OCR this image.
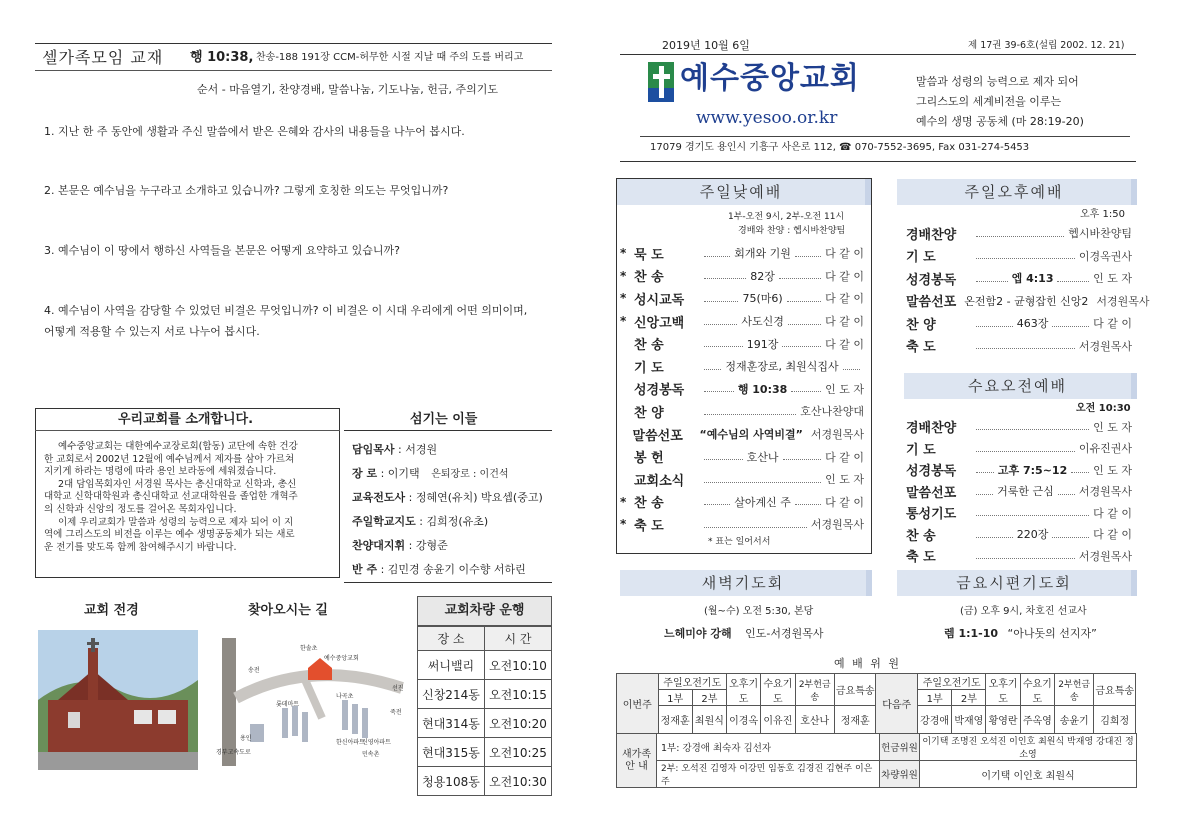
셀가족모임 교재 행 10:38, 찬송-188 191장 CCM-허무한 시절 지날 때 주의 도를 버리고
순서 - 마음열기, 찬양경배, 말씀나눔, 기도나눔, 헌금, 주의기도
1. 지난 한 주 동안에 생활과 주신 말씀에서 받은 은혜와 감사의 내용들을 나누어 봅시다.
2. 본문은 예수님을 누구라고 소개하고 있습니까? 그렇게 호칭한 의도는 무엇입니까?
3. 예수님이 이 땅에서 행하신 사역들을 본문은 어떻게 요약하고 있습니까?
4. 예수님이 사역을 감당할 수 있었던 비결은 무엇입니까? 이 비결은 이 시대 우리에게 어떤 의미이며,
어떻게 적용할 수 있는지 서로 나누어 봅시다.
우리교회를 소개합니다.
예수중앙교회는 대한예수교장로회(합동) 교단에 속한 건강
한 교회로서 2002년 12월에 예수님께서 제자를 삼아 가르쳐
지키게 하라는 명령에 따라 용인 보라동에 세워졌습니다.
2대 담임목회자인 서경원 목사는 총신대학교 신학과, 총신
대학교 신학대학원과 총신대학교 선교대학원을 졸업한 개혁주
의 신학과 신앙의 정도를 걸어온 목회자입니다.
이제 우리교회가 말씀과 성령의 능력으로 제자 되어 이 지
역에 그리스도의 비전을 이루는 예수 생명공동체가 되는 새로
운 전기를 맞도록 함께 참여해주시기 바랍니다.
섬기는 이들
담임목사 : 서경원
장 로 : 이기택 은퇴장로 : 이건석
교육전도사 : 정혜연(유치) 박요셉(중고)
주일학교지도 : 김희정(유초)
찬양대지휘 : 강형준
반 주 : 김민경 송윤기 이수향 서하린
교회 전경	찾아오시는 길
한솔초
예수중앙교회
송전
선진
죽전
용인
롯데마트
나곡초
한신아파트
신영아파트
민속촌
경부고속도로
교회차량 운행
장 소	시 간
써니밸리	오전10:10
신창214동	오전10:15
현대314동	오전10:20
현대315동	오전10:25
청용108동	오전10:30
2019년 10월 6일	제 17권 39-6호(설립 2002. 12. 21)
예수중앙교회
www.yesoo.or.kr
말씀과 성령의 능력으로 제자 되어
그리스도의 세계비전을 이루는
예수의 생명 공동체 (마 28:19-20)
17079 경기도 용인시 기흥구 사은로 112, ☎ 070-7552-3695, Fax 031-274-5453
주일낮예배
1부-오전 9시, 2부-오전 11시
경배와 찬양 : 헵시바찬양팀
* 묵 도	회개와 기원	다 같 이
* 찬 송	82장	다 같 이
* 성시교독	75(마6)	다 같 이
* 신앙고백	사도신경	다 같 이
찬 송	191장	다 같 이
기 도	정재훈장로, 최원식집사
성경봉독	행 10:38	인 도 자
찬 양	호산나찬양대
말씀선포	“예수님의 사역비결” 서경원목사
봉 헌	호산나	다 같 이
교회소식	인 도 자
* 찬 송	살아계신 주	다 같 이
* 축 도	서경원목사
* 표는 일어서서
주일오후예배
오후 1:50
경배찬양	헵시바찬양팀
기 도	이경옥권사
성경봉독	엡 4:13	인 도 자
말씀선포 온전함2 - 균형잡힌 신앙2 서경원목사
찬 양	463장	다 같 이
축 도	서경원목사
수요오전예배
오전 10:30
경배찬양	인 도 자
기 도	이유진권사
성경봉독	고후 7:5~12 인 도 자
말씀선포	거룩한 근심 서경원목사
통성기도	다 같 이
찬 송	220장	다 같 이
축 도	서경원목사
새벽기도회
(월~수) 오전 5:30, 본당
느헤미야 강해 인도-서경원목사
금요시편기도회
(금) 오후 9시, 차호진 선교사
렘 1:1-10 “아나돗의 선지자”
예 배 위 원
이번주	주일오전기도		오후기도	수요기도	2부헌금송	금요특송	다음주	주일오전기도		오후기도	수요기도	2부헌금송	금요특송
	1부	2부						1부	2부				
	정재훈	최원식	이경옥	이유진	호산나	정재훈		강경애	박재영	황영란	주옥영	송윤기	김희정
새가족 안 내	1부: 강경애 최숙자 김선자	헌금위원	이기택 조명진 오석진 이인호 최원식 박재영 강대진 정소영
	2부: 오석진 김영자 이강민 임동호 김경진 김현주 이은주	차량위원	이기택 이인호 최원식
